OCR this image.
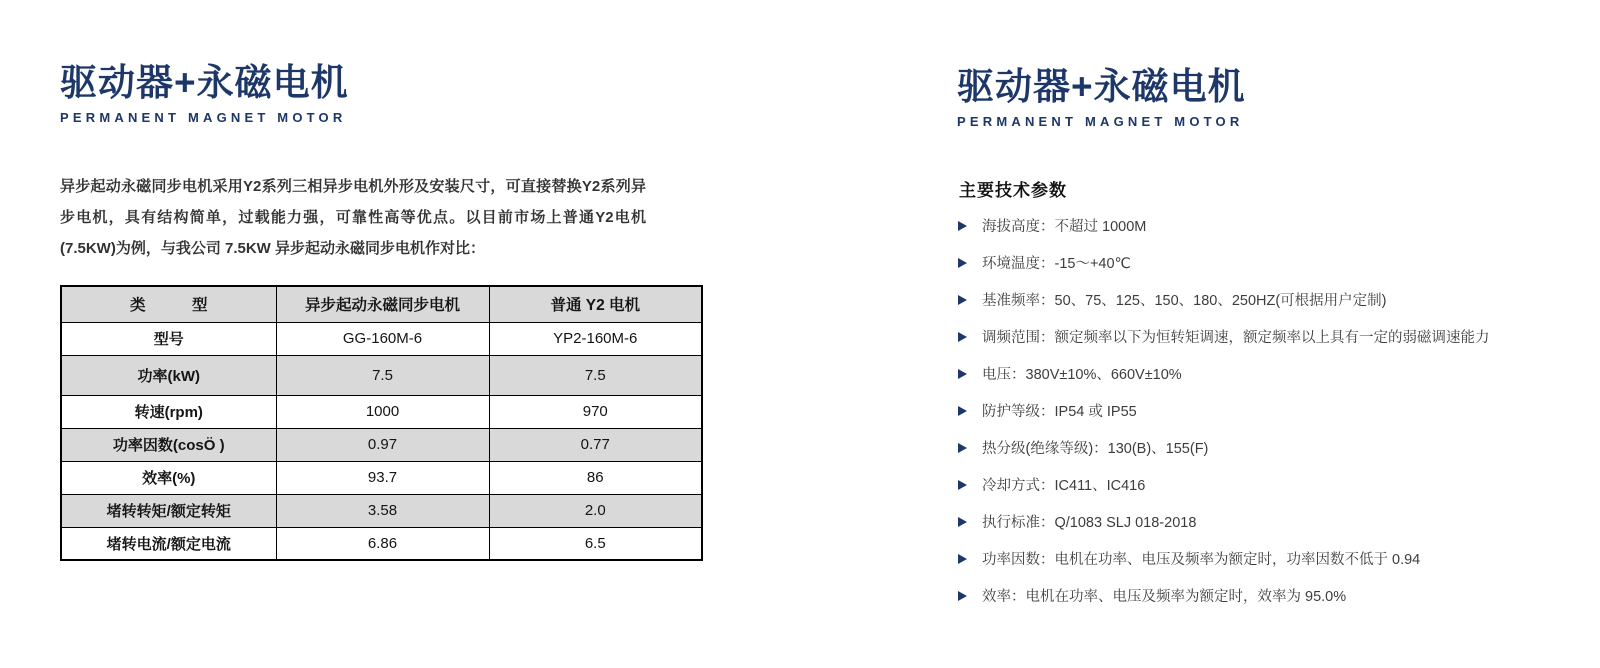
驱动器+永磁电机
PERMANENT MAGNET MOTOR
异步起动永磁同步电机采用Y2系列三相异步电机外形及安装尺寸，可直接替换Y2系列异步电机，具有结构简单，过载能力强，可靠性高等优点。以目前市场上普通Y2电机(7.5KW)为例，与我公司 7.5KW 异步起动永磁同步电机作对比：
类　　　型	异步起动永磁同步电机	普通 Y2 电机
型号	GG-160M-6	YP2-160M-6
功率(kW)	7.5	7.5
转速(rpm)	1000	970
功率因数(cosÖ )	0.97	0.77
效率(%)	93.7	86
堵转转矩/额定转矩	3.58	2.0
堵转电流/额定电流	6.86	6.5
驱动器+永磁电机
PERMANENT MAGNET MOTOR
主要技术参数
海拔高度：不超过 1000M
环境温度：-15～+40℃
基准频率：50、75、125、150、180、250HZ(可根据用户定制)
调频范围：额定频率以下为恒转矩调速，额定频率以上具有一定的弱磁调速能力
电压：380V±10%、660V±10%
防护等级：IP54 或 IP55
热分级(绝缘等级)：130(B)、155(F)
冷却方式：IC411、IC416
执行标准：Q/1083 SLJ 018-2018
功率因数：电机在功率、电压及频率为额定时，功率因数不低于 0.94
效率：电机在功率、电压及频率为额定时，效率为 95.0%
